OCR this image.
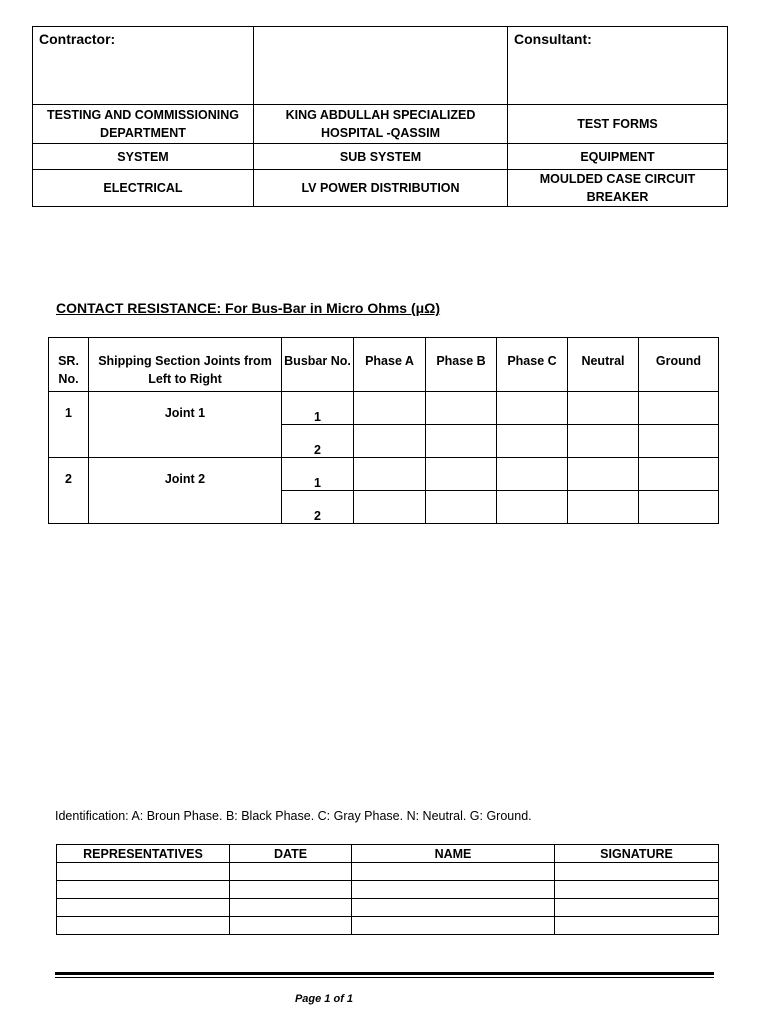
Contractor:		Consultant:
TESTING AND COMMISSIONING DEPARTMENT	KING ABDULLAH SPECIALIZED HOSPITAL -QASSIM	TEST FORMS
SYSTEM	SUB SYSTEM	EQUIPMENT
ELECTRICAL	LV POWER DISTRIBUTION	MOULDED CASE CIRCUIT BREAKER
CONTACT RESISTANCE: For Bus-Bar in Micro Ohms (μΩ)
SR. No.	Shipping Section Joints from Left to Right	Busbar No.	Phase A	Phase B	Phase C	Neutral	Ground
1	Joint 1	1					
		2					
2	Joint 2	1					
		2					
Identification: A: Broun Phase. B: Black Phase. C: Gray Phase. N: Neutral. G: Ground.
REPRESENTATIVES	DATE	NAME	SIGNATURE

Page 1 of 1
